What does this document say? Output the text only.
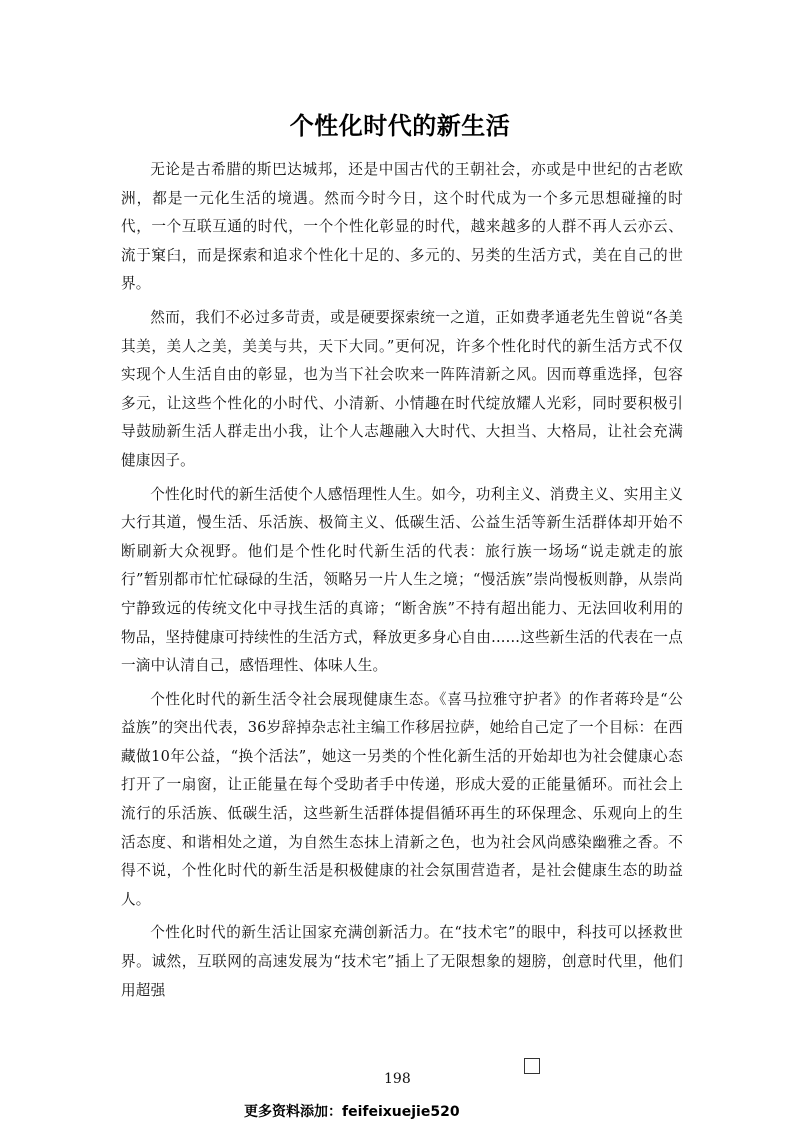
个性化时代的新生活

无论是古希腊的斯巴达城邦，还是中国古代的王朝社会，亦或是中世纪的古老欧洲，都是一元化生活的境遇。然而今时今日，这个时代成为一个多元思想碰撞的时代，一个互联互通的时代，一个个性化彰显的时代，越来越多的人群不再人云亦云、流于窠臼，而是探索和追求个性化十足的、多元的、另类的生活方式，美在自己的世界。

然而，我们不必过多苛责，或是硬要探索统一之道，正如费孝通老先生曾说“各美其美，美人之美，美美与共，天下大同。”更何况，许多个性化时代的新生活方式不仅实现个人生活自由的彰显，也为当下社会吹来一阵阵清新之风。因而尊重选择，包容多元，让这些个性化的小时代、小清新、小情趣在时代绽放耀人光彩，同时要积极引导鼓励新生活人群走出小我，让个人志趣融入大时代、大担当、大格局，让社会充满健康因子。

个性化时代的新生活使个人感悟理性人生。如今，功利主义、消费主义、实用主义大行其道，慢生活、乐活族、极简主义、低碳生活、公益生活等新生活群体却开始不断刷新大众视野。他们是个性化时代新生活的代表：旅行族一场场“说走就走的旅行”暂别都市忙忙碌碌的生活，领略另一片人生之境；“慢活族”崇尚慢板则静，从崇尚宁静致远的传统文化中寻找生活的真谛；“断舍族”不持有超出能力、无法回收利用的物品，坚持健康可持续性的生活方式，释放更多身心自由......这些新生活的代表在一点一滴中认清自己，感悟理性、体味人生。

个性化时代的新生活令社会展现健康生态。《喜马拉雅守护者》的作者蒋玲是“公益族”的突出代表，36岁辞掉杂志社主编工作移居拉萨，她给自己定了一个目标：在西藏做10年公益，“换个活法”，她这一另类的个性化新生活的开始却也为社会健康心态打开了一扇窗，让正能量在每个受助者手中传递，形成大爱的正能量循环。而社会上流行的乐活族、低碳生活，这些新生活群体提倡循环再生的环保理念、乐观向上的生活态度、和谐相处之道，为自然生态抹上清新之色，也为社会风尚感染幽雅之香。不得不说，个性化时代的新生活是积极健康的社会氛围营造者，是社会健康生态的助益人。

个性化时代的新生活让国家充满创新活力。在“技术宅”的眼中，科技可以拯救世界。诚然，互联网的高速发展为“技术宅”插上了无限想象的翅膀，创意时代里，他们用超强

198
更多资料添加：feifeixuejie520
